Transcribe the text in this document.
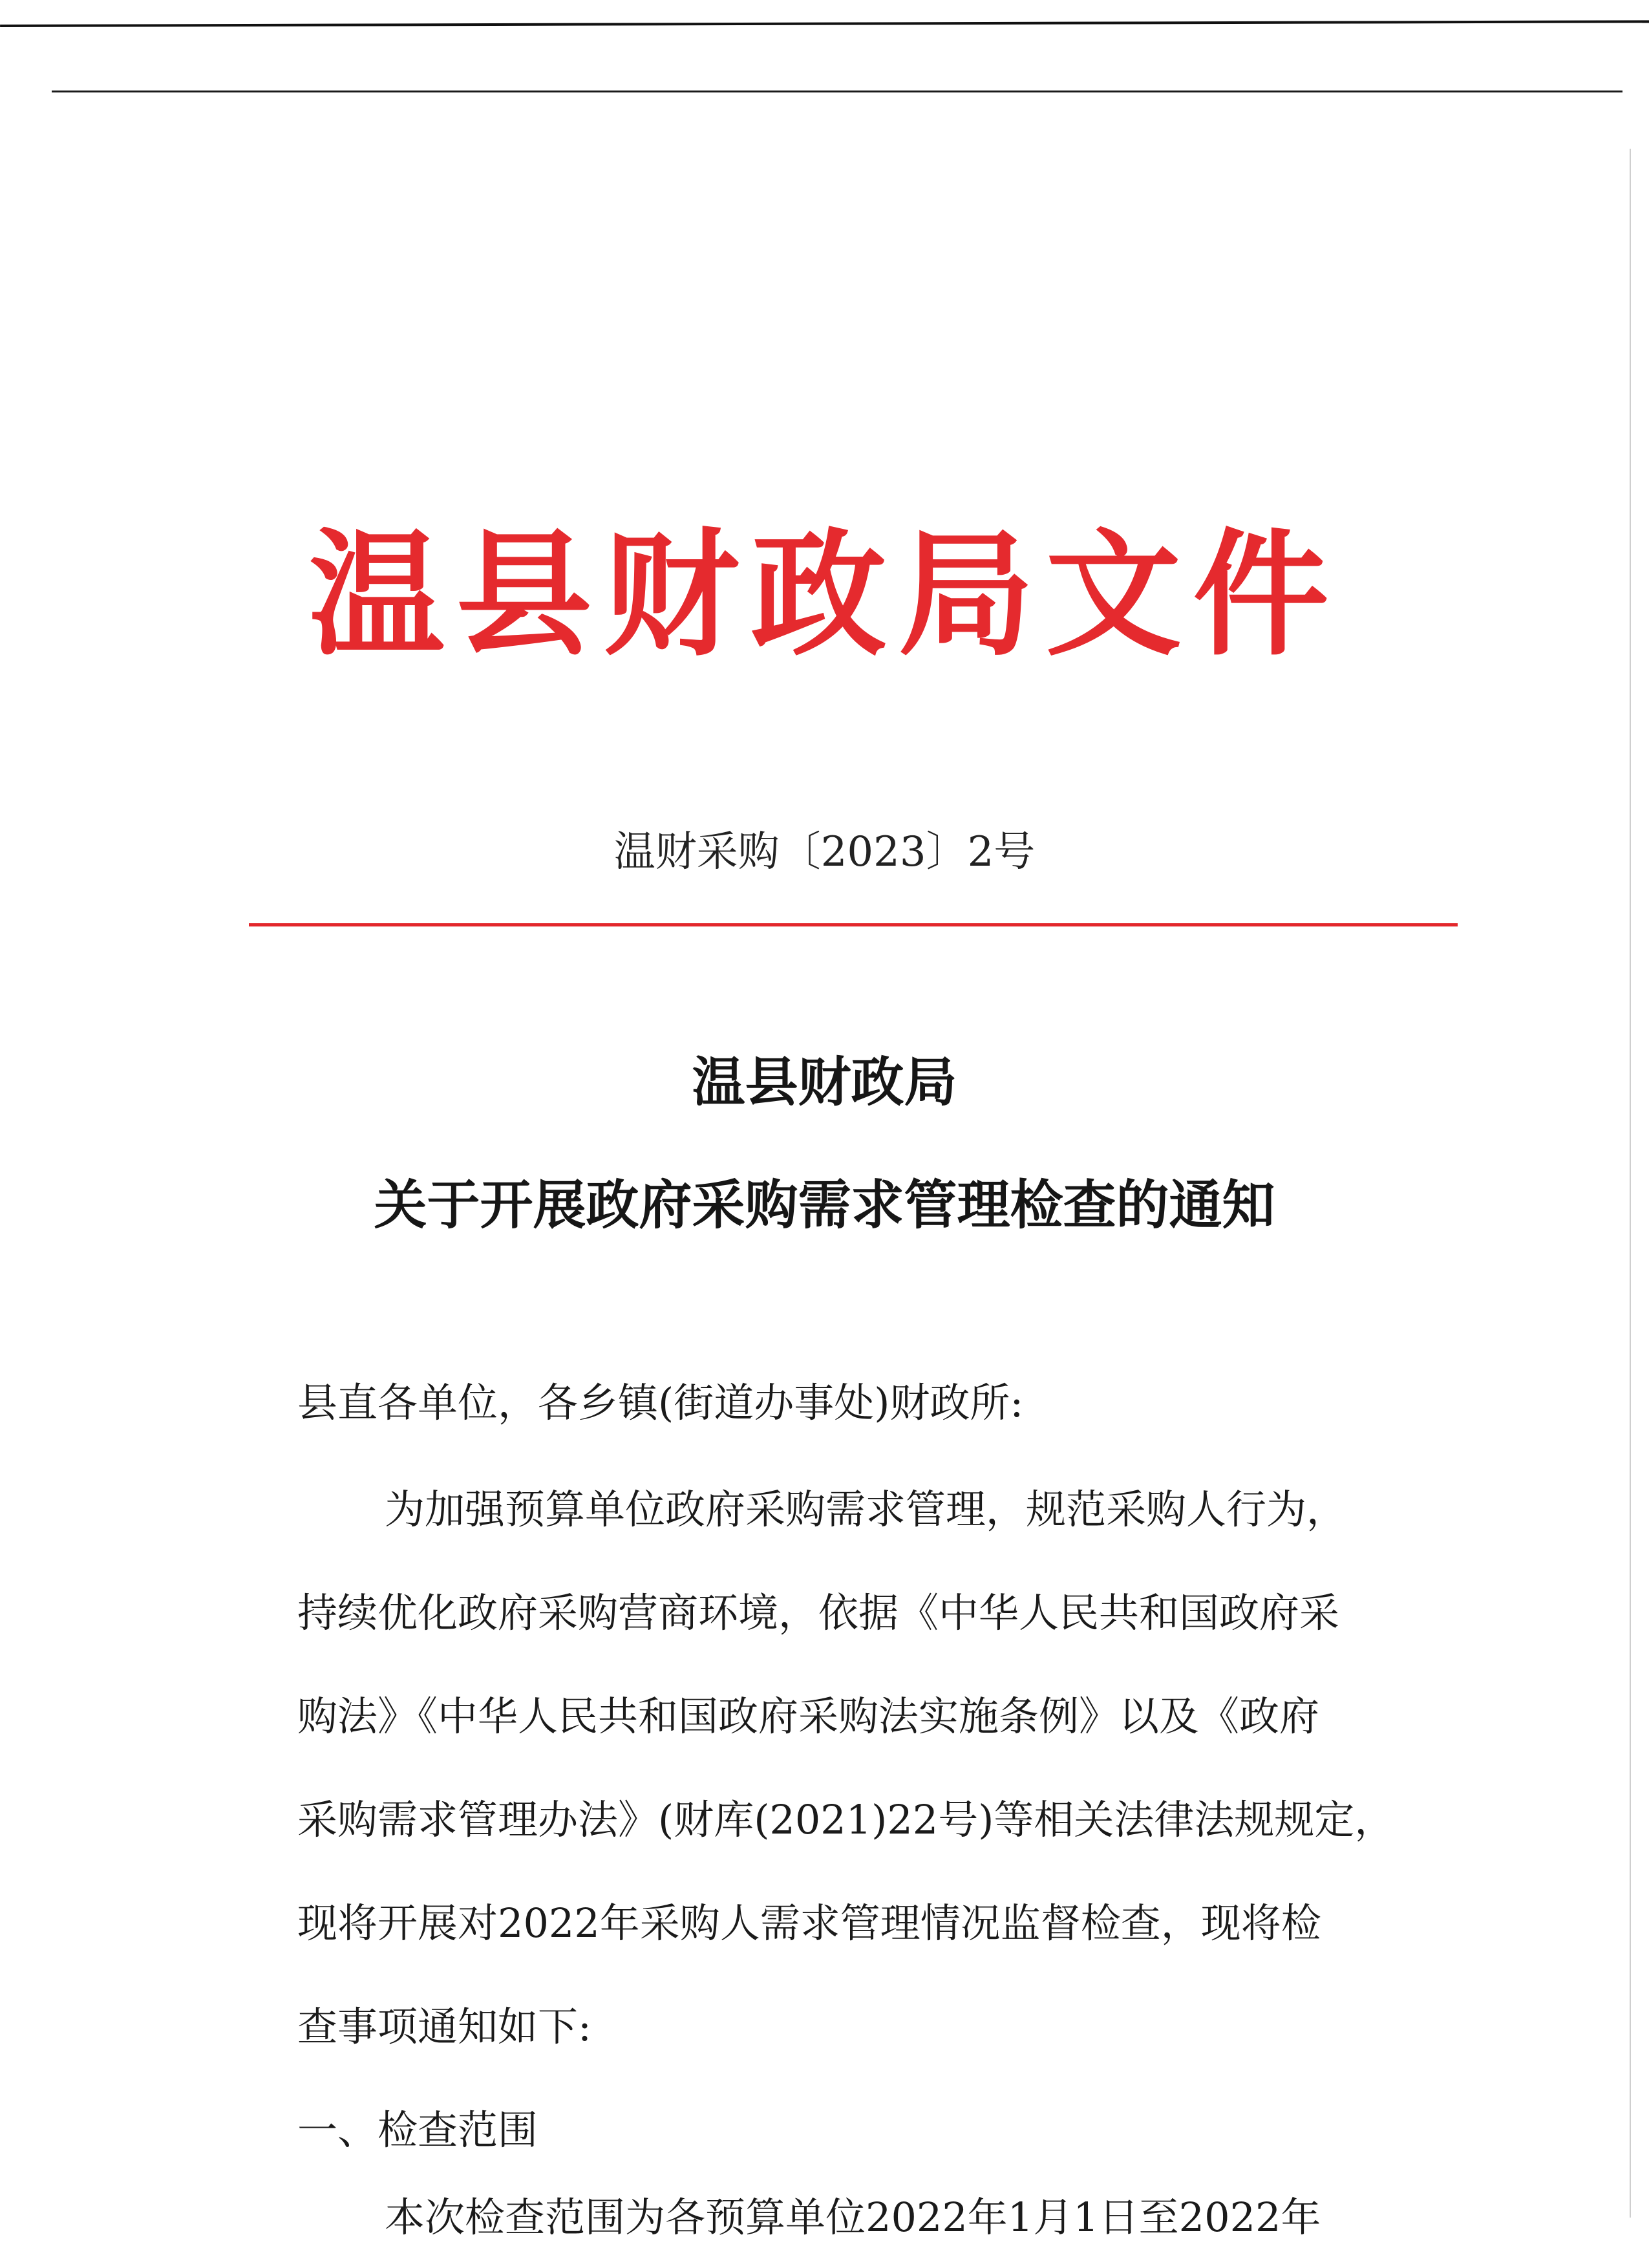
温县财政局文件
温财采购〔2023〕2号
温县财政局
关于开展政府采购需求管理检查的通知
县直各单位，各乡镇(街道办事处)财政所:
为加强预算单位政府采购需求管理，规范采购人行为，
持续优化政府采购营商环境，依据《中华人民共和国政府采
购法》《中华人民共和国政府采购法实施条例》以及《政府
采购需求管理办法》(财库(2021)22号)等相关法律法规规定，
现将开展对2022年采购人需求管理情况监督检查，现将检
查事项通知如下:
一、检查范围
本次检查范围为各预算单位2022年1月1日至2022年
